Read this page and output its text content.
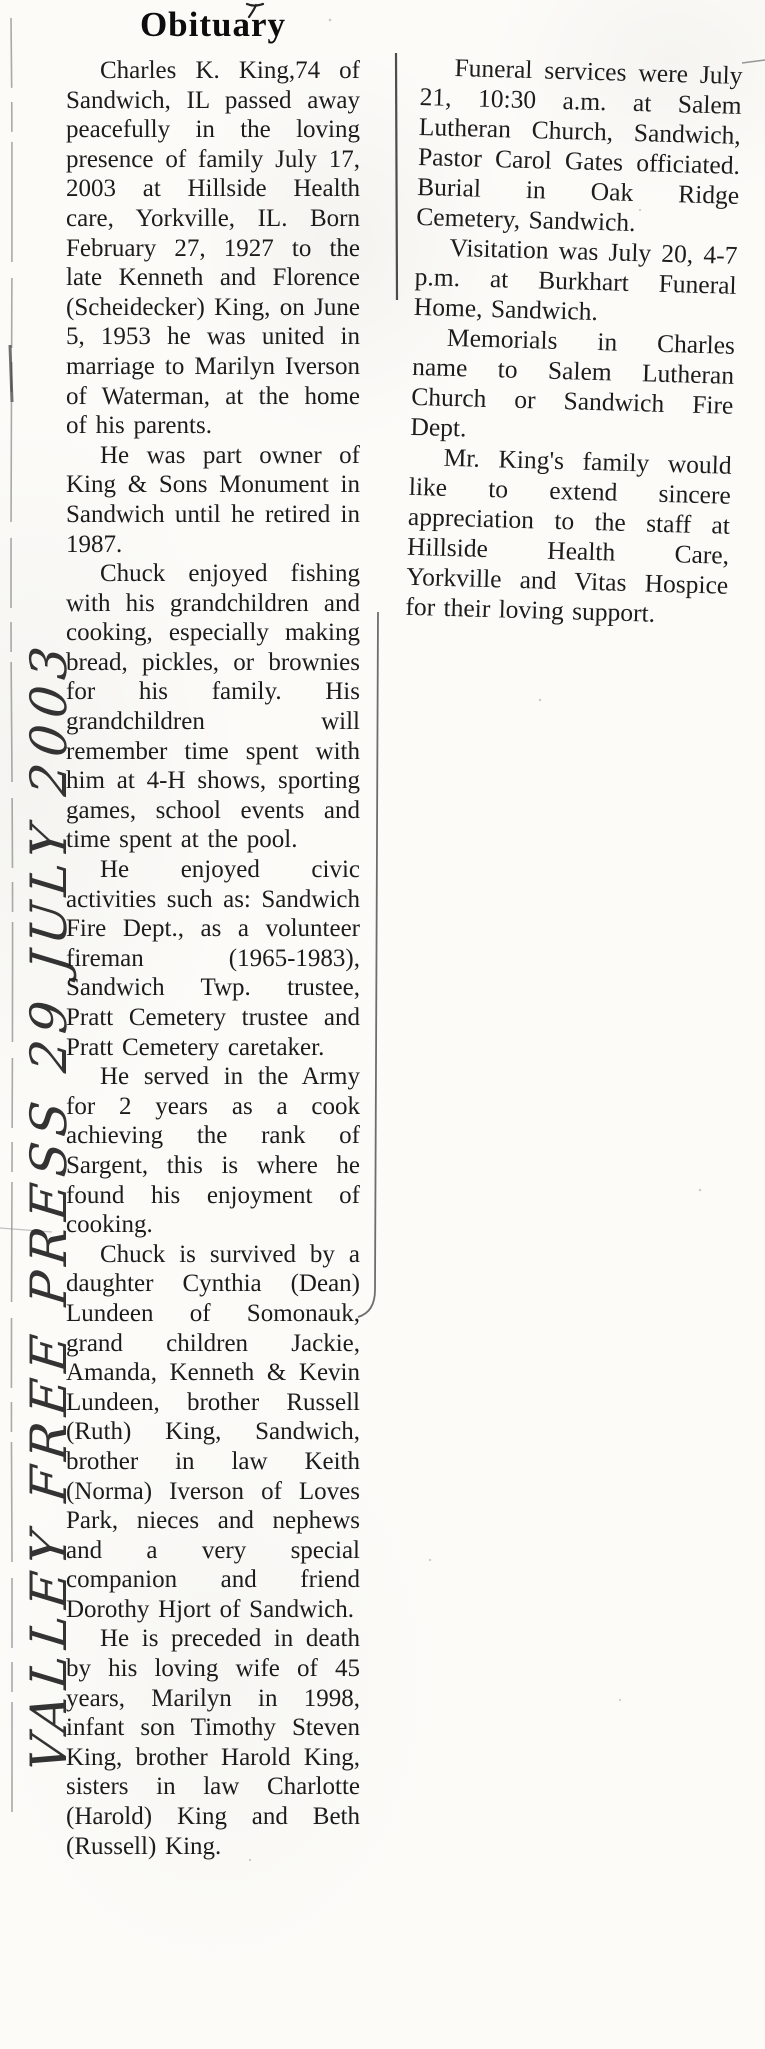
VALLEY FREE PRESS 29 JULY 2003
Obituary

Charles K. King,74 of Sandwich, IL passed away peacefully in the loving presence of family July 17, 2003 at Hillside Health care, Yorkville, IL. Born February 27, 1927 to the late Kenneth and Florence (Scheidecker) King, on June 5, 1953 he was united in marriage to Marilyn Iverson of Waterman, at the home of his parents.

He was part owner of King & Sons Monument in Sandwich until he retired in 1987.

Chuck enjoyed fishing with his grandchildren and cooking, especially making bread, pickles, or brownies for his family. His grandchildren will remember time spent with him at 4-H shows, sporting games, school events and time spent at the pool.

He enjoyed civic activities such as: Sandwich Fire Dept., as a volunteer fireman (1965-1983), Sandwich Twp. trustee, Pratt Cemetery trustee and Pratt Cemetery caretaker.

He served in the Army for 2 years as a cook achieving the rank of Sargent, this is where he found his enjoyment of cooking.

Chuck is survived by a daughter Cynthia (Dean) Lundeen of Somonauk, grand children Jackie, Amanda, Kenneth & Kevin Lundeen, brother Russell (Ruth) King, Sandwich, brother in law Keith (Norma) Iverson of Loves Park, nieces and nephews and a very special companion and friend Dorothy Hjort of Sandwich.

He is preceded in death by his loving wife of 45 years, Marilyn in 1998, infant son Timothy Steven King, brother Harold King, sisters in law Charlotte (Harold) King and Beth (Russell) King.

Funeral services were July 21, 10:30 a.m. at Salem Lutheran Church, Sandwich, Pastor Carol Gates officiated. Burial in Oak Ridge Cemetery, Sandwich.

Visitation was July 20, 4-7 p.m. at Burkhart Funeral Home, Sandwich.

Memorials in Charles name to Salem Lutheran Church or Sandwich Fire Dept.

Mr. King's family would like to extend sincere appreciation to the staff at Hillside Health Care, Yorkville and Vitas Hospice for their loving support.
